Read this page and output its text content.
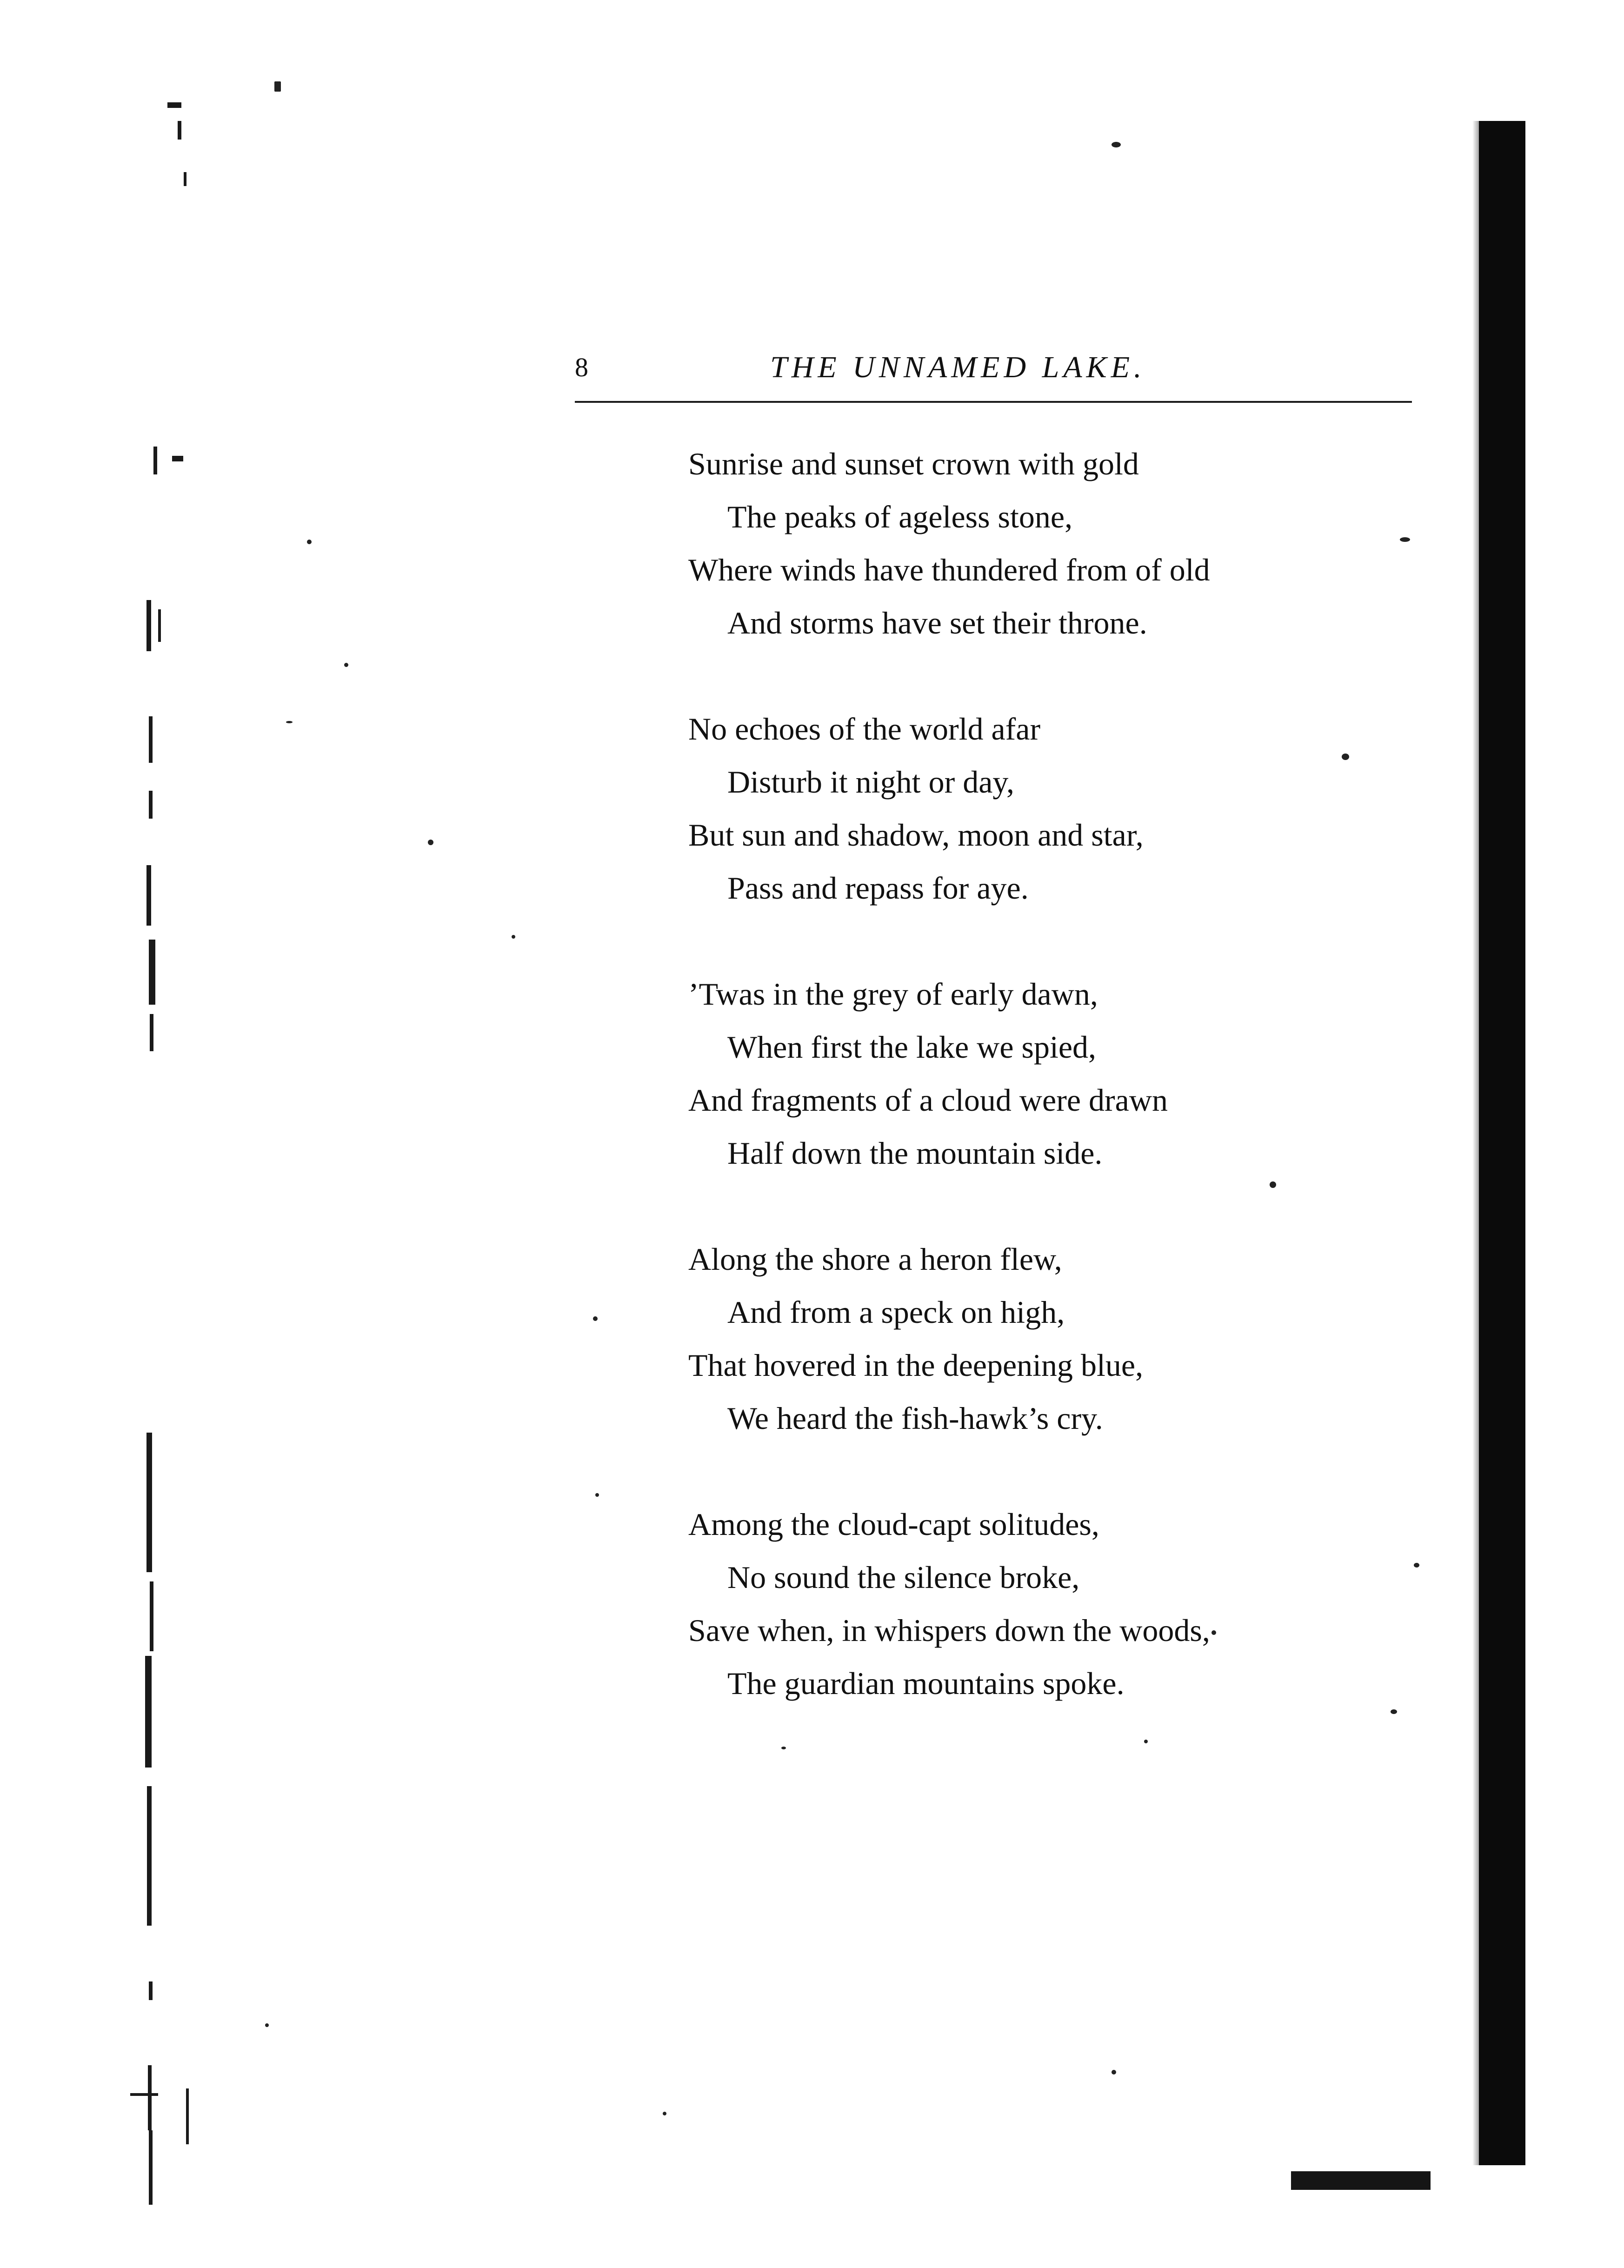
8	THE UNNAMED LAKE.

Sunrise and sunset crown with gold
The peaks of ageless stone,
Where winds have thundered from of old
And storms have set their throne.

No echoes of the world afar
Disturb it night or day,
But sun and shadow, moon and star,
Pass and repass for aye.

’Twas in the grey of early dawn,
When first the lake we spied,
And fragments of a cloud were drawn
Half down the mountain side.

Along the shore a heron flew,
And from a speck on high,
That hovered in the deepening blue,
We heard the fish-hawk’s cry.

Among the cloud-capt solitudes,
No sound the silence broke,
Save when, in whispers down the woods,
The guardian mountains spoke.
